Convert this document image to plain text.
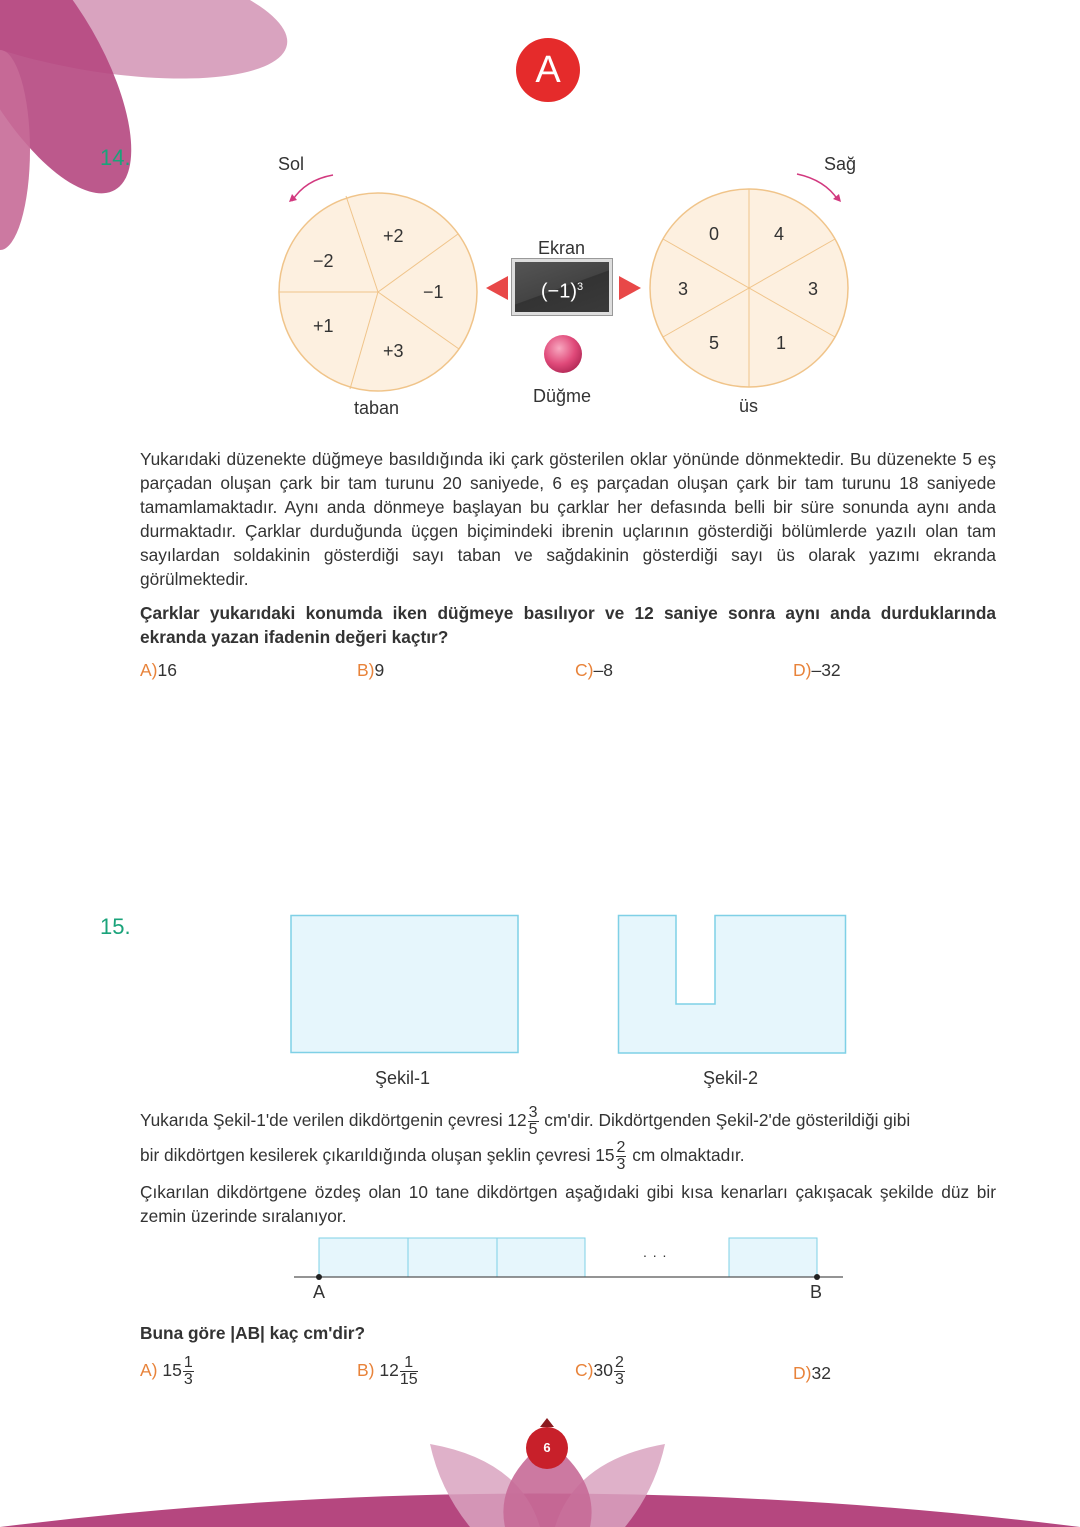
A
14.	Sol	Sağ
+2
−2
−1
+1
+3
taban
0	4
3	3
5	1
üs
Ekran
$(-1)^3$
Düğme
Yukarıdaki düzenekte düğmeye basıldığında iki çark gösterilen oklar yönünde dönmektedir. Bu düzenekte 5 eş parçadan oluşan çark bir tam turunu 20 saniyede, 6 eş parçadan oluşan çark bir tam turunu 18 saniyede tamamlamaktadır. Aynı anda dönmeye başlayan bu çarklar her defasında belli bir süre sonunda aynı anda durmaktadır. Çarklar durduğunda üçgen biçimindeki ibrenin uçlarının gösterdiği bölümlerde yazılı olan tam sayılardan soldakinin gösterdiği sayı taban ve sağdakinin gösterdiği sayı üs olarak yazımı ekranda görülmektedir.
Çarklar yukarıdaki konumda iken düğmeye basılıyor ve 12 saniye sonra aynı anda durduklarında ekranda yazan ifadenin değeri kaçtır?
A)16	B)9	C)–8	D)–32
15.
Şekil-1	Şekil-2
Yukarıda Şekil-1'de verilen dikdörtgenin çevresi $12 \frac{3}{5} cm'dir$. Dikdörtgenden Şekil-2'de gösterildiği gibi
bir dikdörtgen kesilerek çıkarıldığında oluşan şeklin çevresi $15 \frac{2}{3}$ cm olmaktadır.
Çıkarılan dikdörtgene özdeş olan 10 tane dikdörtgen aşağıdaki gibi kısa kenarları çakışacak şekilde düz bir zemin üzerinde sıralanıyor.
. . .
A	B
Buna göre |AB| kaç cm'dir?
A) $15 \frac{1}{3}$	B) $12 \frac{1}{15}$	$C)30 \frac{2}{3}$	D)32
6
